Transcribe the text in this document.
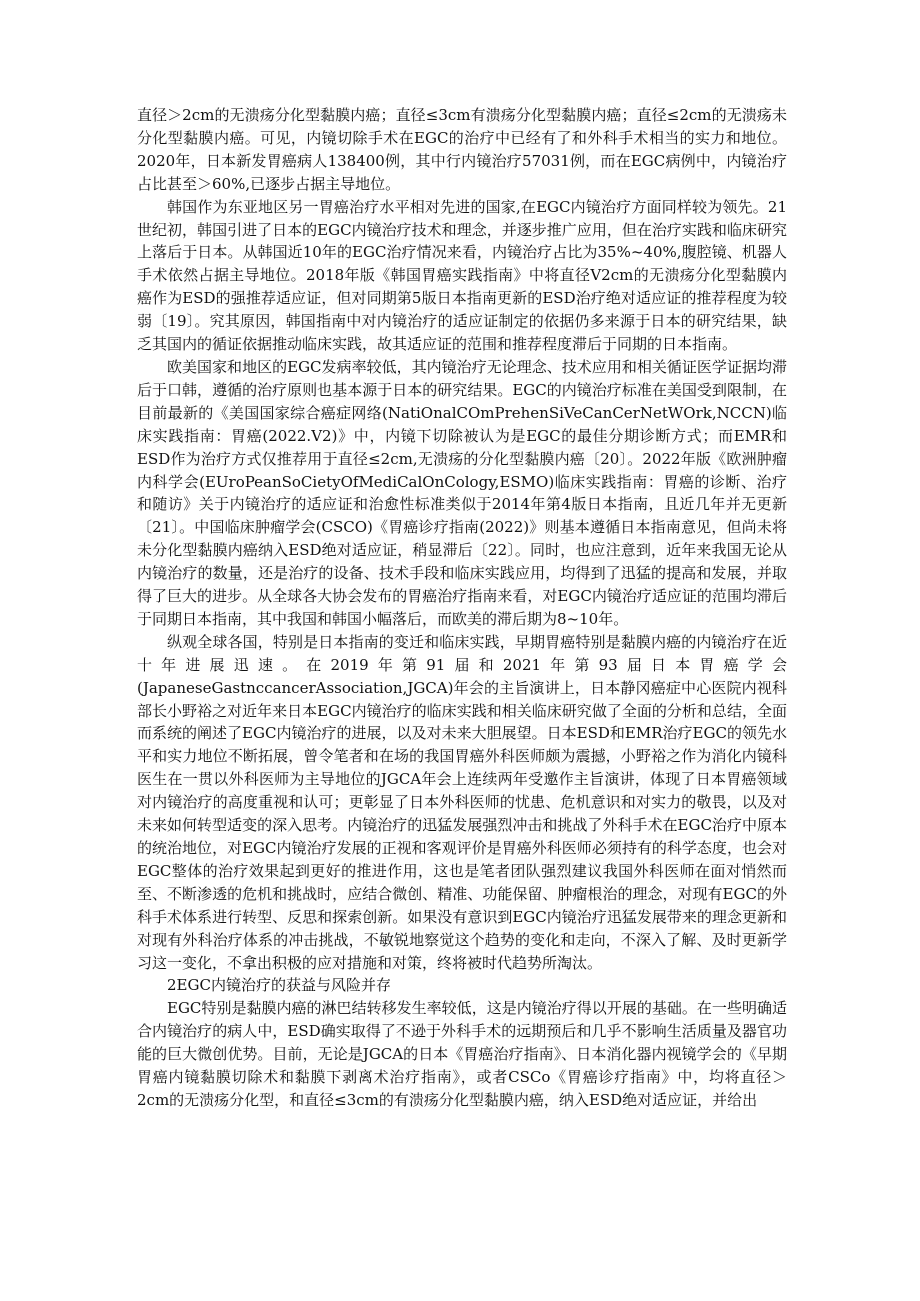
直径＞2cm的无溃疡分化型黏膜内癌；直径≤3cm有溃疡分化型黏膜内癌；直径≤2cm的无溃疡未分化型黏膜内癌。可见，内镜切除手术在EGC的治疗中已经有了和外科手术相当的实力和地位。2020年，日本新发胃癌病人138400例，其中行内镜治疗57031例，而在EGC病例中，内镜治疗占比甚至＞60%,已逐步占据主导地位。

韩国作为东亚地区另一胃癌治疗水平相对先进的国家,在EGC内镜治疗方面同样较为领先。21世纪初，韩国引进了日本的EGC内镜治疗技术和理念，并逐步推广应用，但在治疗实践和临床研究上落后于日本。从韩国近10年的EGC治疗情况来看，内镜治疗占比为35%~40%,腹腔镜、机器人手术依然占据主导地位。2018年版《韩国胃癌实践指南》中将直径V2cm的无溃疡分化型黏膜内癌作为ESD的强推荐适应证，但对同期第5版日本指南更新的ESD治疗绝对适应证的推荐程度为较弱〔19〕。究其原因，韩国指南中对内镜治疗的适应证制定的依据仍多来源于日本的研究结果，缺乏其国内的循证依据推动临床实践，故其适应证的范围和推荐程度滞后于同期的日本指南。

欧美国家和地区的EGC发病率较低，其内镜治疗无论理念、技术应用和相关循证医学证据均滞后于口韩，遵循的治疗原则也基本源于日本的研究结果。EGC的内镜治疗标准在美国受到限制，在目前最新的《美国国家综合癌症网络(NatiOnalCOmPrehenSiVeCanCerNetWOrk,NCCN)临床实践指南：胃癌(2022.V2)》中，内镜下切除被认为是EGC的最佳分期诊断方式；而EMR和ESD作为治疗方式仅推荐用于直径≤2cm,无溃疡的分化型黏膜内癌〔20〕。2022年版《欧洲肿瘤内科学会(EUroPeanSoCietyOfMediCalOnCology,ESMO)临床实践指南：胃癌的诊断、治疗和随访》关于内镜治疗的适应证和治愈性标准类似于2014年第4版日本指南，且近几年并无更新〔21〕。中国临床肿瘤学会(CSCO)《胃癌诊疗指南(2022)》则基本遵循日本指南意见，但尚未将未分化型黏膜内癌纳入ESD绝对适应证，稍显滞后〔22〕。同时，也应注意到，近年来我国无论从内镜治疗的数量，还是治疗的设备、技术手段和临床实践应用，均得到了迅猛的提高和发展，并取得了巨大的进步。从全球各大协会发布的胃癌治疗指南来看，对EGC内镜治疗适应证的范围均滞后于同期日本指南，其中我国和韩国小幅落后，而欧美的滞后期为8~10年。

纵观全球各国，特别是日本指南的变迁和临床实践，早期胃癌特别是黏膜内癌的内镜治疗在近十年进展迅速。在2019年第91届和2021年第93届日本胃癌学会(JapaneseGastnccancerAssociation,JGCA)年会的主旨演讲上，日本静冈癌症中心医院内视科部长小野裕之对近年来日本EGC内镜治疗的临床实践和相关临床研究做了全面的分析和总结，全面而系统的阐述了EGC内镜治疗的进展，以及对未来大胆展望。日本ESD和EMR治疗EGC的领先水平和实力地位不断拓展，曾令笔者和在场的我国胃癌外科医师颇为震撼，小野裕之作为消化内镜科医生在一贯以外科医师为主导地位的JGCA年会上连续两年受邀作主旨演讲，体现了日本胃癌领域对内镜治疗的高度重视和认可；更彰显了日本外科医师的忧患、危机意识和对实力的敬畏，以及对未来如何转型适变的深入思考。内镜治疗的迅猛发展强烈冲击和挑战了外科手术在EGC治疗中原本的统治地位，对EGC内镜治疗发展的正视和客观评价是胃癌外科医师必须持有的科学态度，也会对EGC整体的治疗效果起到更好的推进作用，这也是笔者团队强烈建议我国外科医师在面对悄然而至、不断渗透的危机和挑战时，应结合微创、精准、功能保留、肿瘤根治的理念，对现有EGC的外科手术体系进行转型、反思和探索创新。如果没有意识到EGC内镜治疗迅猛发展带来的理念更新和对现有外科治疗体系的冲击挑战，不敏锐地察觉这个趋势的变化和走向，不深入了解、及时更新学习这一变化，不拿出积极的应对措施和对策，终将被时代趋势所淘汰。

2EGC内镜治疗的获益与风险并存

EGC特别是黏膜内癌的淋巴结转移发生率较低，这是内镜治疗得以开展的基础。在一些明确适合内镜治疗的病人中，ESD确实取得了不逊于外科手术的远期预后和几乎不影响生活质量及器官功能的巨大微创优势。目前，无论是JGCA的日本《胃癌治疗指南》、日本消化器内视镜学会的《早期胃癌内镜黏膜切除术和黏膜下剥离术治疗指南》，或者CSCo《胃癌诊疗指南》中，均将直径＞2cm的无溃疡分化型，和直径≤3cm的有溃疡分化型黏膜内癌，纳入ESD绝对适应证，并给出
